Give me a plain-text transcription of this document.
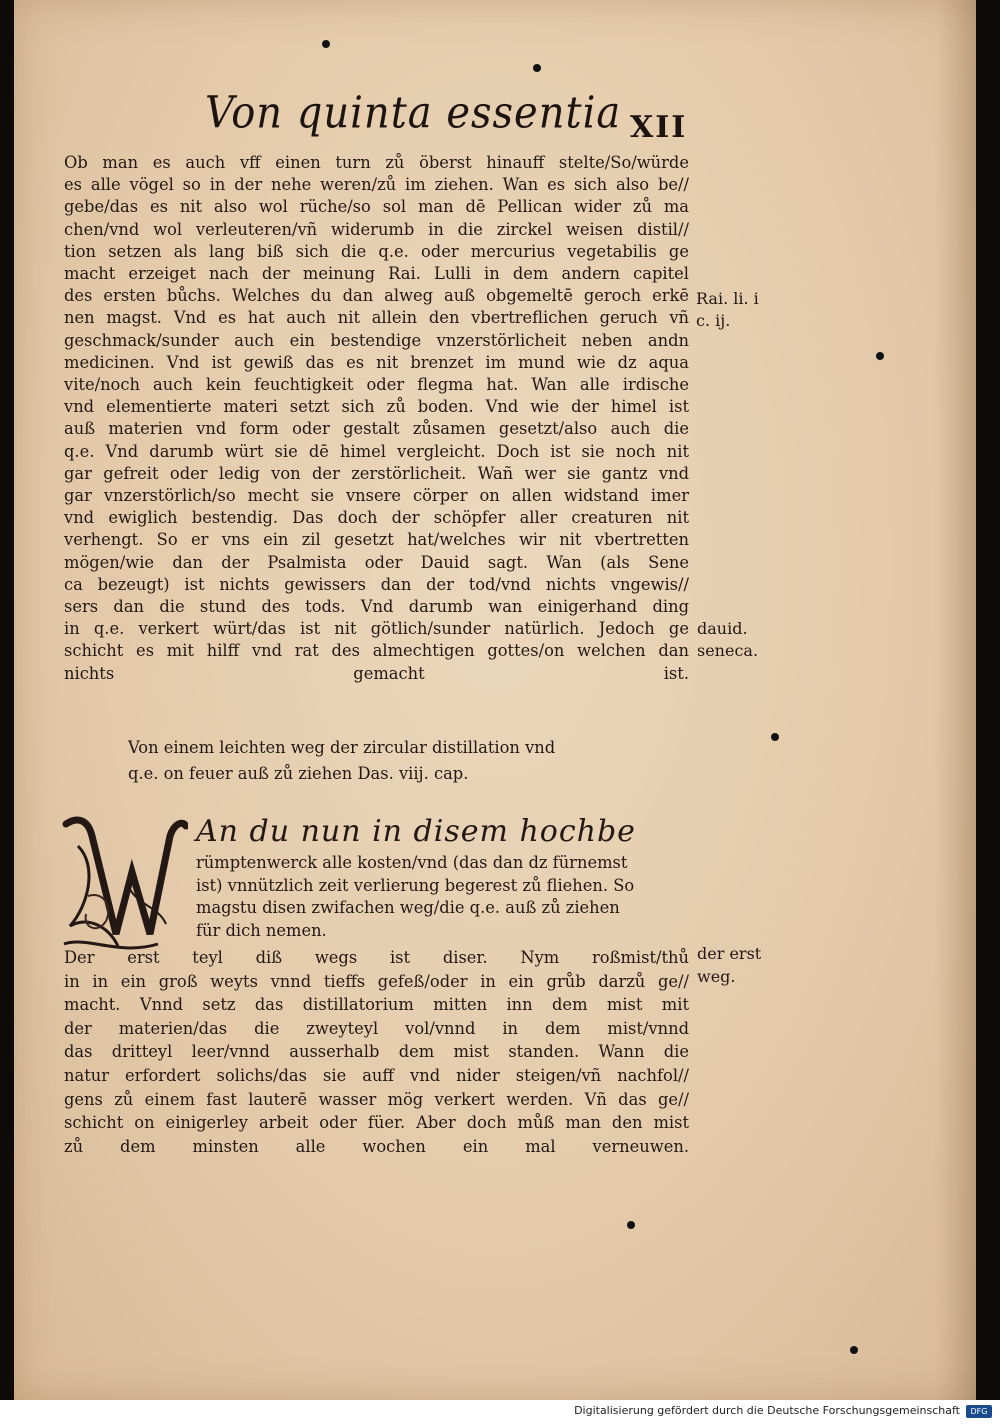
Von quinta essentia XII
Ob man es auch vff einen turn zů öberst hinauff stelte/So/würde
es alle vögel so in der nehe weren/zů im ziehen. Wan es sich also be//
gebe/das es nit also wol rüche/so sol man dē Pellican wider zů ma
chen/vnd wol verleuteren/vñ widerumb in die zirckel weisen distil//
tion setzen als lang biß sich die q.e. oder mercurius vegetabilis ge
macht erzeiget nach der meinung Rai. Lulli in dem andern capitel
des ersten bůchs. Welches du dan alweg auß obgemeltē geroch erkē
nen magst. Vnd es hat auch nit allein den vbertreflichen geruch vñ
geschmack/sunder auch ein bestendige vnzerstörlicheit neben andn
medicinen. Vnd ist gewiß das es nit brenzet im mund wie dz aqua
vite/noch auch kein feuchtigkeit oder flegma hat. Wan alle irdische
vnd elementierte materi setzt sich zů boden. Vnd wie der himel ist
auß materien vnd form oder gestalt zůsamen gesetzt/also auch die
q.e. Vnd darumb würt sie dē himel vergleicht. Doch ist sie noch nit
gar gefreit oder ledig von der zerstörlicheit. Wañ wer sie gantz vnd
gar vnzerstörlich/so mecht sie vnsere cörper on allen widstand imer
vnd ewiglich bestendig. Das doch der schöpfer aller creaturen nit
verhengt. So er vns ein zil gesetzt hat/welches wir nit vbertretten
mögen/wie dan der Psalmista oder Dauid sagt. Wan (als Sene
ca bezeugt) ist nichts gewissers dan der tod/vnd nichts vngewis//
sers dan die stund des tods. Vnd darumb wan einigerhand ding
in q.e. verkert würt/das ist nit götlich/sunder natürlich. Jedoch ge
schicht es mit hilff vnd rat des almechtigen gottes/on welchen dan
nichts gemacht ist.
Rai. li. i
c. ij.
dauid.
seneca.
Von einem leichten weg der zircular distillation vnd
q.e. on feuer auß zů ziehen Das. viij. cap.
An du nun in disem hochbe
rümptenwerck alle kosten/vnd (das dan dz fürnemst
ist) vnnützlich zeit verlierung begerest zů fliehen. So
magstu disen zwifachen weg/die q.e. auß zů ziehen
für dich nemen.
der erst
weg.
Der erst teyl diß wegs ist diser. Nym roßmist/thů
in in ein groß weyts vnnd tieffs gefeß/oder in ein grůb darzů ge//
macht. Vnnd setz das distillatorium mitten inn dem mist mit
der materien/das die zweyteyl vol/vnnd in dem mist/vnnd
das dritteyl leer/vnnd ausserhalb dem mist standen. Wann die
natur erfordert solichs/das sie auff vnd nider steigen/vñ nachfol//
gens zů einem fast lauterē wasser mög verkert werden. Vñ das ge//
schicht on einigerley arbeit oder füer. Aber doch můß man den mist
zů dem minsten alle wochen ein mal verneuwen.
Digitalisierung gefördert durch die Deutsche Forschungsgemeinschaft	DFG
